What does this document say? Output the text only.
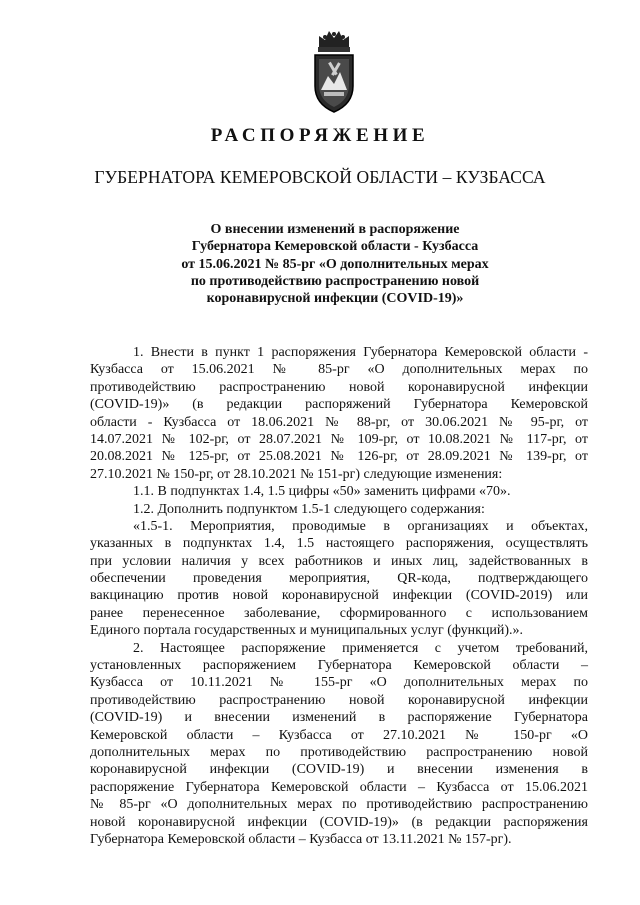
РАСПОРЯЖЕНИЕ
ГУБЕРНАТОРА КЕМЕРОВСКОЙ ОБЛАСТИ – КУЗБАССА
О внесении изменений в распоряжение
Губернатора Кемеровской области - Кузбасса
от 15.06.2021 № 85-рг «О дополнительных мерах
по противодействию распространению новой
коронавирусной инфекции (COVID-19)»
1. Внести в пункт 1 распоряжения Губернатора Кемеровской области -
Кузбасса от 15.06.2021 № 85-рг «О дополнительных мерах по
противодействию распространению новой коронавирусной инфекции
(COVID-19)» (в редакции распоряжений Губернатора Кемеровской
области - Кузбасса от 18.06.2021 № 88-рг, от 30.06.2021 № 95-рг, от
14.07.2021 № 102-рг, от 28.07.2021 № 109-рг, от 10.08.2021 № 117-рг, от
20.08.2021 № 125-рг, от 25.08.2021 № 126-рг, от 28.09.2021 № 139-рг, от
27.10.2021 № 150-рг, от 28.10.2021 № 151-рг) следующие изменения:
1.1. В подпунктах 1.4, 1.5 цифры «50» заменить цифрами «70».
1.2. Дополнить подпунктом 1.5-1 следующего содержания:
«1.5-1. Мероприятия, проводимые в организациях и объектах,
указанных в подпунктах 1.4, 1.5 настоящего распоряжения, осуществлять
при условии наличия у всех работников и иных лиц, задействованных в
обеспечении проведения мероприятия, QR-кода, подтверждающего
вакцинацию против новой коронавирусной инфекции (COVID-2019) или
ранее перенесенное заболевание, сформированного с использованием
Единого портала государственных и муниципальных услуг (функций).».
2. Настоящее распоряжение применяется с учетом требований,
установленных распоряжением Губернатора Кемеровской области –
Кузбасса от 10.11.2021 № 155-рг «О дополнительных мерах по
противодействию распространению новой коронавирусной инфекции
(COVID-19) и внесении изменений в распоряжение Губернатора
Кемеровской области – Кузбасса от 27.10.2021 № 150-рг «О
дополнительных мерах по противодействию распространению новой
коронавирусной инфекции (COVID-19) и внесении изменения в
распоряжение Губернатора Кемеровской области – Кузбасса от 15.06.2021
№ 85-рг «О дополнительных мерах по противодействию распространению
новой коронавирусной инфекции (COVID-19)» (в редакции распоряжения
Губернатора Кемеровской области – Кузбасса от 13.11.2021 № 157-рг).
